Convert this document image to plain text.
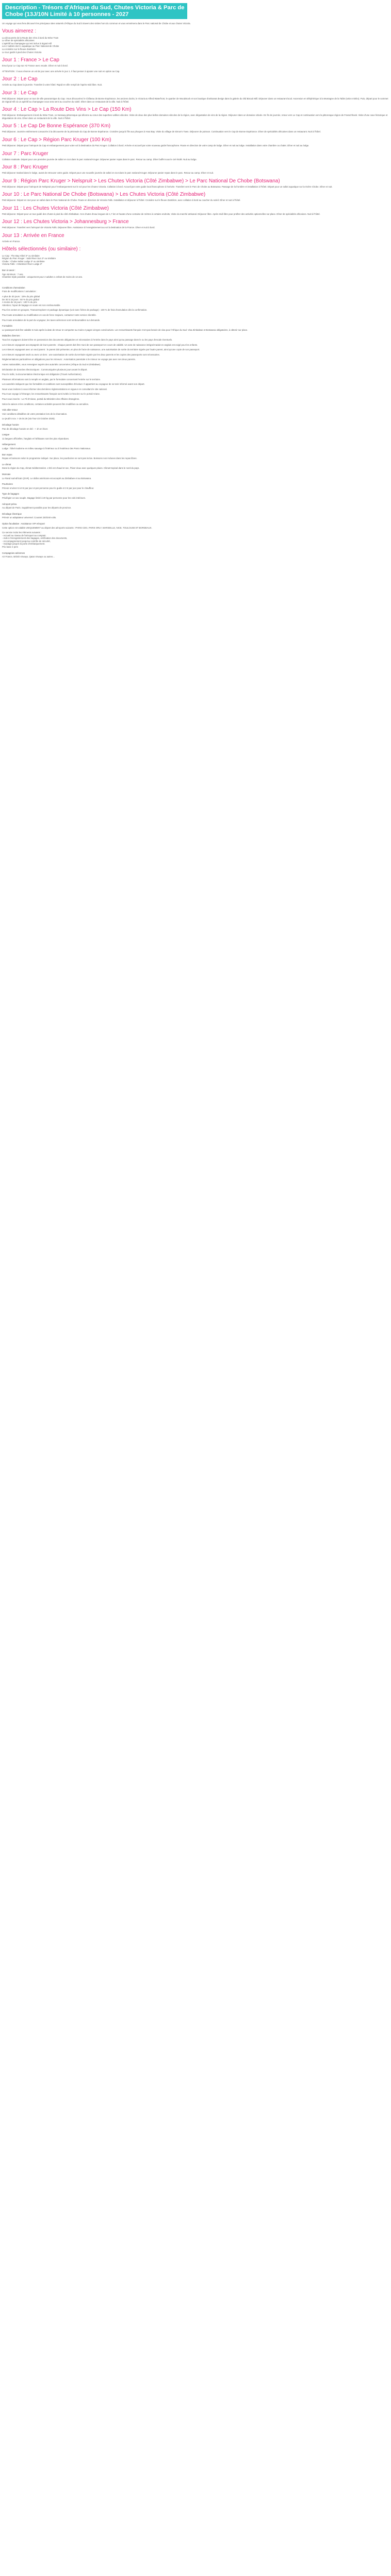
Description - Trésors d'Afrique du Sud, Chutes Victoria & Parc de
Chobe (13J/10N Limité à 10 personnes - 2027

Un voyage qui vous fera découvrir les principaux sites naturels d'Afrique du Sud à travers des visites hors du commun et vous emmènera dans le Parc national de Chobe et aux chutes Victoria.

Vous aimerez :
La découverte de la Route des Vins à bord du Wine Tram
Le dîner de spécialités africaines
L'apéritif au champagne qui est inclus à Signal Hill
Les 2 safaris dont 1 aquatique au Parc National de Chobe
La croisière sur le fleuve Zambèze
Le tour guidé à pied des Chutes Victoria
Jour 1 : France > Le Cap

Envol pour Le Cap sur Air France avec escale. Dîner et nuit à bord.

ATTENTION : il vous réserve un vol de jour avec une arrivée le jour 1. Il faut penser à ajouter une nuit en option au Cap.

Jour 2 : Le Cap

Arrivée au Cap dans la journée. Transfert à votre hôtel. Rapid en ville rempli de l'après-midi libre. Nuit.

Jour 3 : Le Cap

Petit déjeuner. Départ pour un tour de ville panoramique du Cap. Vous découvrirez le Château de Bonne Espérance, les anciens docks, le Victoria & Alfred Waterfront, le quartier de Woodstock et son boutique d'artisanat design dans la galerie du Old Biscuit Mill. Déjeuner dans un restaurant local. Ascension en téléphérique à la Montagne de la Table (selon météo). Puis, départ pour le sommet de Signal Hill où un apéritif au champagne vous sera servi au coucher du soleil. Dîner dans un restaurant de la ville. Nuit à l'hôtel.

Jour 4 : Le Cap > La Route Des Vins > Le Cap (150 Km)

Petit déjeuner. Embarquement à bord du Wine Tram, ce tramway pittoresque qui sillonne au cœur des superbes vallées viticoles. Visite de deux des plus belles domaines viticoles de la région, avec dégustation de vins de la région. Déjeuner dans un domaine viticole. En fin de journée, retour vers Le Cap et continuation vers la pittoresque région de Franschhoek. Visite d'une cave historique et dégustation de vins. Dîner dans un restaurant de la ville. Nuit à l'hôtel.

Jour 5 : Le Cap De Bonne Espérance (370 Km)

Petit déjeuner. Journée entièrement consacrée à la découverte de la péninsule du Cap de Bonne Espérance. Croisière jusqu'à l'île aux phoques à Hout Bay. Visite du village de Simon's Town. Déjeuner de poisson. Continuation vers le Cap de Bonne Espérance. Dîner de spécialités africaines dans un restaurant. Nuit à l'hôtel.

Jour 6 : Le Cap > Région Parc Kruger (100 Km)

Petit déjeuner. Départ pour l'aéroport du Cap et embarquement pour votre vol à destination du Parc Kruger. Collation à bord. Arrivée et accueil par votre nouveau guide francophone. Route en direction de votre camp de lodge. Dîner et nuit au lodge. Installation dans votre chambre ou chalet. Dîner et nuit au lodge.

Jour 7 : Parc Kruger

Collation matinale. Départ pour une première journée de safari en 4x4 dans le parc national Kruger. Déjeuner panier repas dans le parc. Retour au camp. Dîner buffet sous le ciel étoilé. Nuit au lodge.

Jour 8 : Parc Kruger

Petit déjeuner matinal dans le lodge, avant de retrouver votre guide. Départ pour une nouvelle journée de safari en 4x4 dans le parc national Kruger. Déjeuner panier repas dans le parc. Retour au camp. Dîner et nuit.

Jour 9 : Région Parc Kruger > Nelspruit > Les Chutes Victoria (Côté Zimbabwe) > Le Parc National De Chobe (Botswana)

Petit déjeuner. Départ pour l'aéroport de Nelspruit pour l'embarquement sur le vol pour les Chutes Victoria. Collation à bord. Accueil par votre guide local francophone à l'arrivée. Transfert vers le Parc de Chobe au Botswana. Passage de la frontière et installation à l'hôtel. Départ pour un safari aquatique sur la rivière Chobe. Dîner et nuit.

Jour 10 : Le Parc National De Chobe (Botswana) > Les Chutes Victoria (Côté Zimbabwe)

Petit déjeuner. Départ en 4x4 pour un safari dans le Parc National de Chobe. Route en direction de Victoria Falls. Installation et déjeuner à l'hôtel. Croisière sur le fleuve Zambèze, avec collation à bord au coucher du soleil. Dîner et nuit à l'hôtel.

Jour 11 : Les Chutes Victoria (Côté Zimbabwe)

Petit déjeuner. Départ pour un tour guidé des chutes à pied du côté Zimbabwe. Ces chutes d'eau longues de 1,7 km et hautes d'une centaine de mètres à certains endroits, Visite du marché artisanal. Déjeuner libre. Après-midi libre pour profiter des activités optionnelles sur place. Dîner de spécialités africaines. Nuit à l'hôtel.

Jour 12 : Les Chutes Victoria > Johannesburg > France

Petit déjeuner. Transfert vers l'aéroport de Victoria Falls. Déjeuner libre. Assistance à l'enregistrement au vol à destination de la France. Dîner et nuit à bord.

Jour 13 : Arrivée en France

Arrivée en France.

Hôtels sélectionnés (ou similaire) :
Le Cap : The Bay Hôtel 4* ou similaire
Région du Parc Kruger : Sabi River Sun 3* ou similaire
Chobe : Chobe Safari Lodge 3* ou similaire
Victoria Falls : A'Zambezi River Lodge 3*
Bon à savoir :
Âge minimum : 7 ans.
Chambre triple possible : uniquement pour 2 adultes 1 enfant de moins de 12 ans.
Conditions d'annulation

Frais de modifications / annulation :

A plus de 30 jours : 15% du prix global
De 30 à 15 jours : 50 % du prix global
A moins de 15 jours : 100 % du prix

Attention, l'ajout de bagage en soute est non remboursable.

Pour les ventes en groupes, Transat Explorer et package dynamique (voir avec fiches de package) : 100 % de frais d'annulation dès la confirmation.

Pour toute annulation ou modification en cas de force majeure, contactez notre service clientèle.

Pour toute annulation de la part du voyageur, les taxes aériennes sont remboursables sur demande.

Formalités

Le passeport doit être valable 6 mois après la date de retour et comporter au moins 2 pages vierges consécutives. Les ressortissants français n'ont pas besoin de visa pour l'Afrique du Sud. Visa Zimbabwe et Botswana obligatoires, à obtenir sur place.

Maladies diverses :

Tous les voyageurs doivent être en possession des documents obligatoires et nécessaires à l'entrée dans le pays ainsi qu'au passage dans le ou les pays d'escale éventuels.

Les mineurs voyageant accompagnés de leurs parents : chaque parent doit être muni de son passeport en cours de validité. Un acte de naissance intégral traduit en anglais est exigé pour les enfants.

Les mineurs voyageant avec un seul parent : le parent doit présenter, en plus de l'acte de naissance, une autorisation de sortie du territoire signée par l'autre parent, ainsi qu'une copie de son passeport.

Les mineurs voyageant seuls ou avec un tiers : une autorisation de sortie du territoire signée par les deux parents et les copies des passeports sont nécessaires.

Réglementations particulières et obligations pour les mineurs : Autorisation parentale si le mineur ne voyage pas avec ses deux parents.

Autres nationalités, vous renseigner auprès des autorités concernées (Afrique du Sud et Zimbabwe).

Déclaration de données électroniques : Communiquées plusieurs jours avant le départ.

Pour le trafic, la documentation électronique est obligatoire (Travel Authorization).

Plusieurs informations sont à remplir en anglais, par le formulaire concernant l'entrée sur le territoire.

Les autorités indiquent que les formalités et conditions sont susceptibles d'évoluer. Il appartient au voyageur de se tenir informé avant son départ.

Nous vous invitons à vous informer des dernières réglementations en vigueur en consultant le site national.

Pour tout voyage à l'étranger, les ressortissants français sont invités à s'inscrire sur le portail Ariane.

Pour vous inscrire : Le Fil d'Ariane, portail du Ministère des Affaires étrangères.

Selon la saison et les conditions, certaines activités peuvent être modifiées ou annulées.

Vols aller-retour

Voir conditions détaillées de votre prestation lors de la réservation.

Le jeudi 5 nov. > 19.04.26 (via Tour-23 Octobre 2026).

Décalage horaire

Pas de décalage horaire en été : + 1h en hiver.

Langue

11 langues officielles, l'anglais et l'afrikaans sont les plus répandues.

Hébergement

Lodge : hôtel moderne en milieu sauvage à l'intérieur ou à l'extérieur des Parcs Nationaux.

Bon repas

Repas et boissons selon le programme indiqué. Sur place, les pourboires ne sont pas inclus. Boissons non incluses dans les repas libres.

Le climat

Dans la région du Cap, climat méditerranéen. L'été est chaud et sec, l'hiver doux avec quelques pluies. Climat tropical dans le nord du pays.

Monnaie

Le Rand sud-africain (ZAR). Le dollar américain est accepté au Zimbabwe et au Botswana.

Pourboires

Prévoir environ 5 à 8 € par jour et par personne pour le guide et 3 € par jour pour le chauffeur.

Type de bagages

Privilégier un sac souple. Bagage limité à 20 kg par personne pour les vols intérieurs.

Aéroport prévu

Au départ de Paris. Supplément possible pour les départs de province.

Décalage électrique

Prévoir un adaptateur universel. Courant 220/240 volts.

Option facultative : Assistance VIP Aéroport

Cette option est valable UNIQUEMENT au départ des aéroports suivants : PARIS CDG, PARIS ORLY, MARSEILLE, NICE, TOULOUSE ET BORDEAUX.

Ce service inclut les éléments suivants :
- Accueil au niveau de l'aéroport au comptoir,
- Aide à l'enregistrement des bagages, vérification des documents,
- Accompagnement jusqu'au contrôle de sécurité,
- Guidage jusqu'à la porte d'embarquement.

Prix base 2 pers

Compagnies aériennes

Air France, British Airways, Qatar Airways ou autres...
